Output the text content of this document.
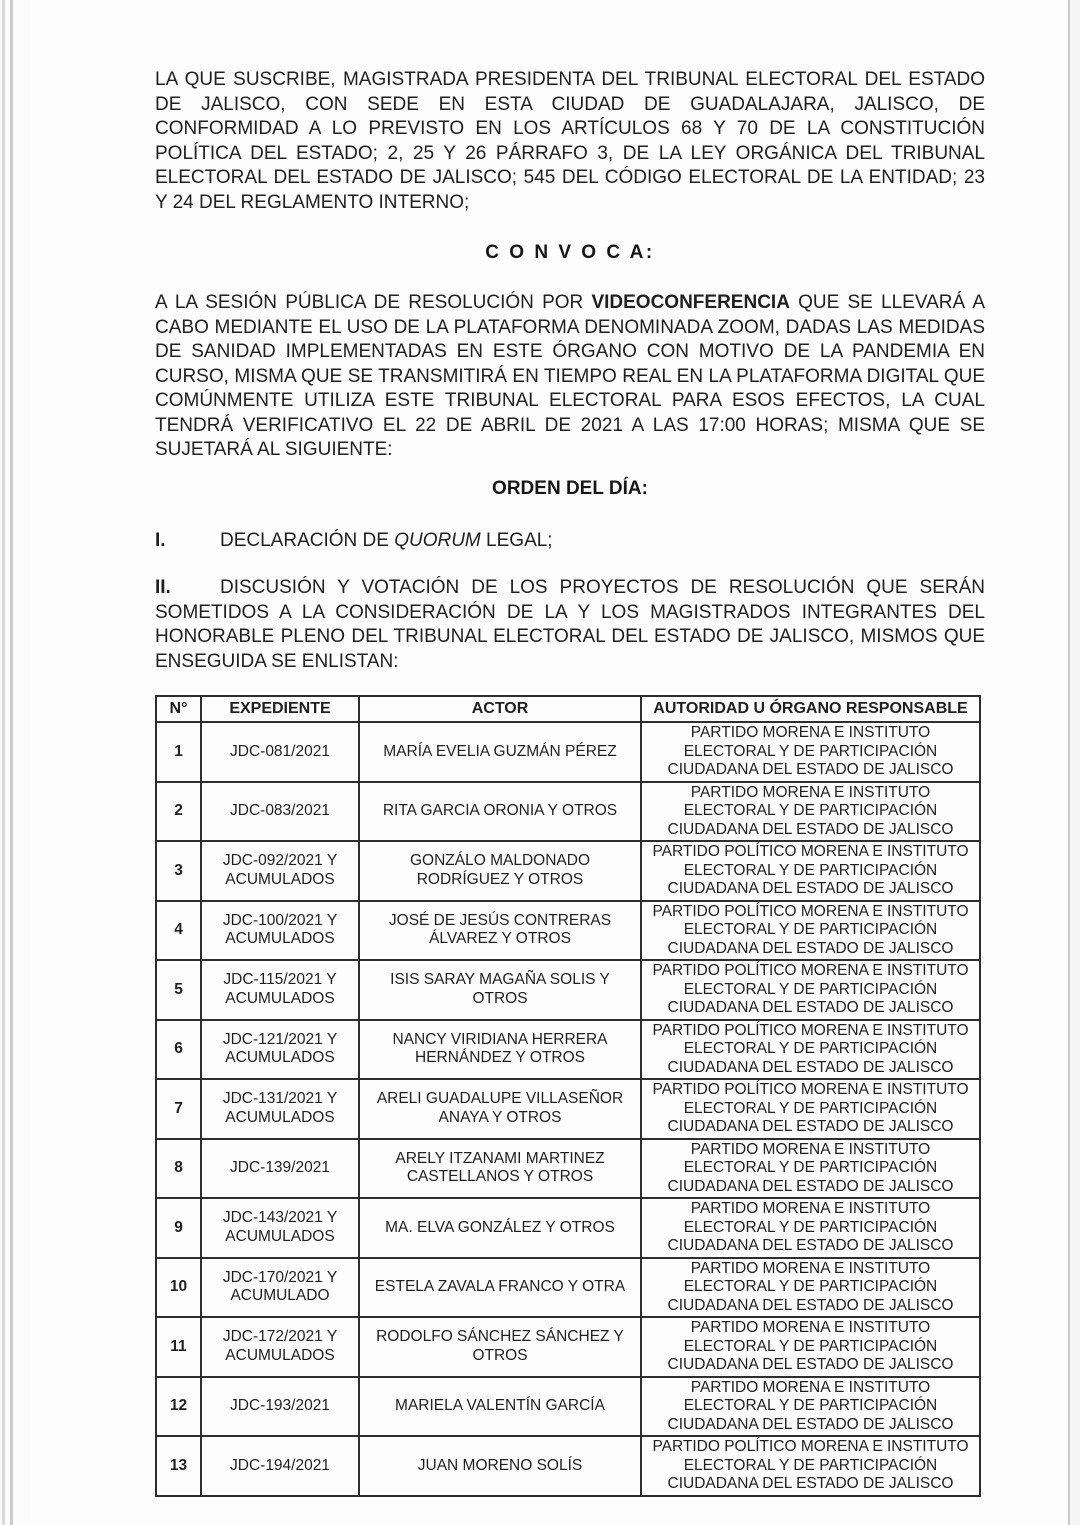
LA QUE SUSCRIBE, MAGISTRADA PRESIDENTA DEL TRIBUNAL ELECTORAL DEL ESTADO DE JALISCO, CON SEDE EN ESTA CIUDAD DE GUADALAJARA, JALISCO, DE CONFORMIDAD A LO PREVISTO EN LOS ARTÍCULOS 68 Y 70 DE LA CONSTITUCIÓN POLÍTICA DEL ESTADO; 2, 25 Y 26 PÁRRAFO 3, DE LA LEY ORGÁNICA DEL TRIBUNAL ELECTORAL DEL ESTADO DE JALISCO; 545 DEL CÓDIGO ELECTORAL DE LA ENTIDAD; 23 Y 24 DEL REGLAMENTO INTERNO;

C O N V O C A:

A LA SESIÓN PÚBLICA DE RESOLUCIÓN POR VIDEOCONFERENCIA QUE SE LLEVARÁ A CABO MEDIANTE EL USO DE LA PLATAFORMA DENOMINADA ZOOM, DADAS LAS MEDIDAS DE SANIDAD IMPLEMENTADAS EN ESTE ÓRGANO CON MOTIVO DE LA PANDEMIA EN CURSO, MISMA QUE SE TRANSMITIRÁ EN TIEMPO REAL EN LA PLATAFORMA DIGITAL QUE COMÚNMENTE UTILIZA ESTE TRIBUNAL ELECTORAL PARA ESOS EFECTOS, LA CUAL TENDRÁ VERIFICATIVO EL 22 DE ABRIL DE 2021 A LAS 17:00 HORAS; MISMA QUE SE SUJETARÁ AL SIGUIENTE:

ORDEN DEL DÍA:

I.	DECLARACIÓN DE QUORUM LEGAL;

II.	DISCUSIÓN Y VOTACIÓN DE LOS PROYECTOS DE RESOLUCIÓN QUE SERÁN SOMETIDOS A LA CONSIDERACIÓN DE LA Y LOS MAGISTRADOS INTEGRANTES DEL HONORABLE PLENO DEL TRIBUNAL ELECTORAL DEL ESTADO DE JALISCO, MISMOS QUE ENSEGUIDA SE ENLISTAN:

N°	EXPEDIENTE	ACTOR	AUTORIDAD U ÓRGANO RESPONSABLE
1	JDC-081/2021	MARÍA EVELIA GUZMÁN PÉREZ	PARTIDO MORENA E INSTITUTO ELECTORAL Y DE PARTICIPACIÓN CIUDADANA DEL ESTADO DE JALISCO
2	JDC-083/2021	RITA GARCIA ORONIA Y OTROS	PARTIDO MORENA E INSTITUTO ELECTORAL Y DE PARTICIPACIÓN CIUDADANA DEL ESTADO DE JALISCO
3	JDC-092/2021 Y ACUMULADOS	GONZÁLO MALDONADO RODRÍGUEZ Y OTROS	PARTIDO POLÍTICO MORENA E INSTITUTO ELECTORAL Y DE PARTICIPACIÓN CIUDADANA DEL ESTADO DE JALISCO
4	JDC-100/2021 Y ACUMULADOS	JOSÉ DE JESÚS CONTRERAS ÁLVAREZ Y OTROS	PARTIDO POLÍTICO MORENA E INSTITUTO ELECTORAL Y DE PARTICIPACIÓN CIUDADANA DEL ESTADO DE JALISCO
5	JDC-115/2021 Y ACUMULADOS	ISIS SARAY MAGAÑA SOLIS Y OTROS	PARTIDO POLÍTICO MORENA E INSTITUTO ELECTORAL Y DE PARTICIPACIÓN CIUDADANA DEL ESTADO DE JALISCO
6	JDC-121/2021 Y ACUMULADOS	NANCY VIRIDIANA HERRERA HERNÁNDEZ Y OTROS	PARTIDO POLÍTICO MORENA E INSTITUTO ELECTORAL Y DE PARTICIPACIÓN CIUDADANA DEL ESTADO DE JALISCO
7	JDC-131/2021 Y ACUMULADOS	ARELI GUADALUPE VILLASEÑOR ANAYA Y OTROS	PARTIDO POLÍTICO MORENA E INSTITUTO ELECTORAL Y DE PARTICIPACIÓN CIUDADANA DEL ESTADO DE JALISCO
8	JDC-139/2021	ARELY ITZANAMI MARTINEZ CASTELLANOS Y OTROS	PARTIDO MORENA E INSTITUTO ELECTORAL Y DE PARTICIPACIÓN CIUDADANA DEL ESTADO DE JALISCO
9	JDC-143/2021 Y ACUMULADOS	MA. ELVA GONZÁLEZ Y OTROS	PARTIDO MORENA E INSTITUTO ELECTORAL Y DE PARTICIPACIÓN CIUDADANA DEL ESTADO DE JALISCO
10	JDC-170/2021 Y ACUMULADO	ESTELA ZAVALA FRANCO Y OTRA	PARTIDO MORENA E INSTITUTO ELECTORAL Y DE PARTICIPACIÓN CIUDADANA DEL ESTADO DE JALISCO
11	JDC-172/2021 Y ACUMULADOS	RODOLFO SÁNCHEZ SÁNCHEZ Y OTROS	PARTIDO MORENA E INSTITUTO ELECTORAL Y DE PARTICIPACIÓN CIUDADANA DEL ESTADO DE JALISCO
12	JDC-193/2021	MARIELA VALENTÍN GARCÍA	PARTIDO MORENA E INSTITUTO ELECTORAL Y DE PARTICIPACIÓN CIUDADANA DEL ESTADO DE JALISCO
13	JDC-194/2021	JUAN MORENO SOLÍS	PARTIDO POLÍTICO MORENA E INSTITUTO ELECTORAL Y DE PARTICIPACIÓN CIUDADANA DEL ESTADO DE JALISCO
